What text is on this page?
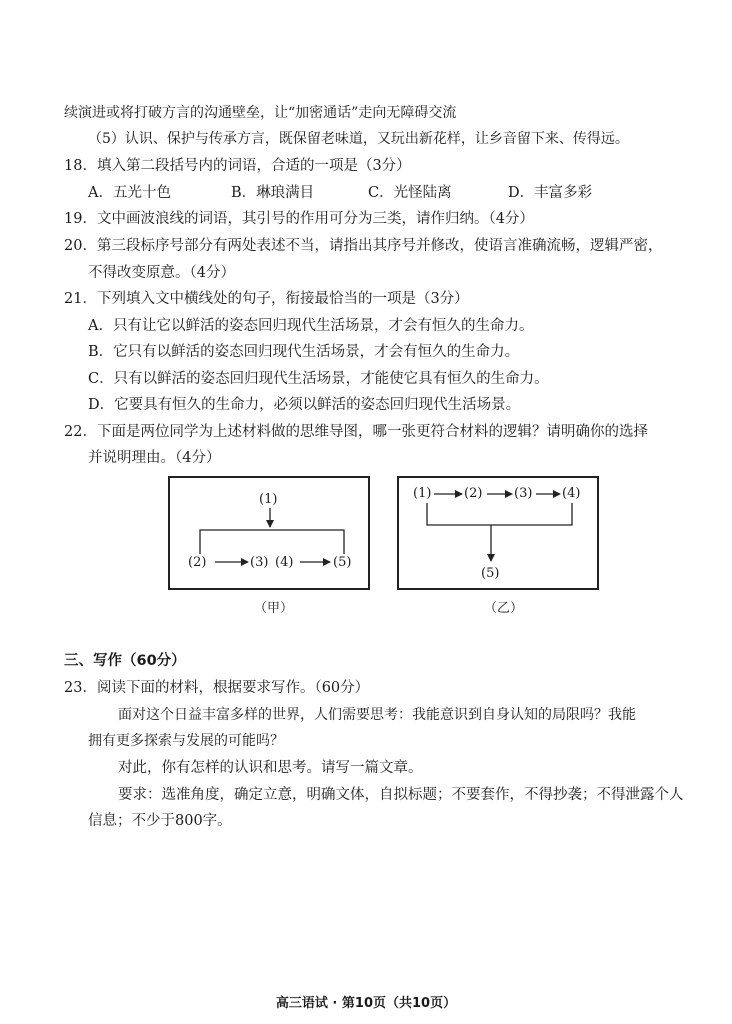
续演进或将打破方言的沟通壁垒，让“加密通话”走向无障碍交流
（5）认识、保护与传承方言，既保留老味道，又玩出新花样，让乡音留下来、传得远。
18．填入第二段括号内的词语，合适的一项是（3分）
A．五光十色	B．琳琅满目	C．光怪陆离	D．丰富多彩
19．文中画波浪线的词语，其引号的作用可分为三类，请作归纳。（4分）
20．第三段标序号部分有两处表述不当，请指出其序号并修改，使语言准确流畅，逻辑严密，
不得改变原意。（4分）
21．下列填入文中横线处的句子，衔接最恰当的一项是（3分）
A．只有让它以鲜活的姿态回归现代生活场景，才会有恒久的生命力。
B．它只有以鲜活的姿态回归现代生活场景，才会有恒久的生命力。
C．只有以鲜活的姿态回归现代生活场景，才能使它具有恒久的生命力。
D．它要具有恒久的生命力，必须以鲜活的姿态回归现代生活场景。
22．下面是两位同学为上述材料做的思维导图，哪一张更符合材料的逻辑？请明确你的选择
并说明理由。（4分）
(1)
(2)	(3) (4)	(5)
（甲）
(1)	(2) (3) (4)
(5)
（乙）
三、写作（60分）
23．阅读下面的材料，根据要求写作。（60分）
面对这个日益丰富多样的世界，人们需要思考：我能意识到自身认知的局限吗？我能
拥有更多探索与发展的可能吗？
对此，你有怎样的认识和思考。请写一篇文章。
要求：选准角度，确定立意，明确文体，自拟标题；不要套作，不得抄袭；不得泄露个人
信息；不少于800字。
高三语试 · 第10页（共10页）
